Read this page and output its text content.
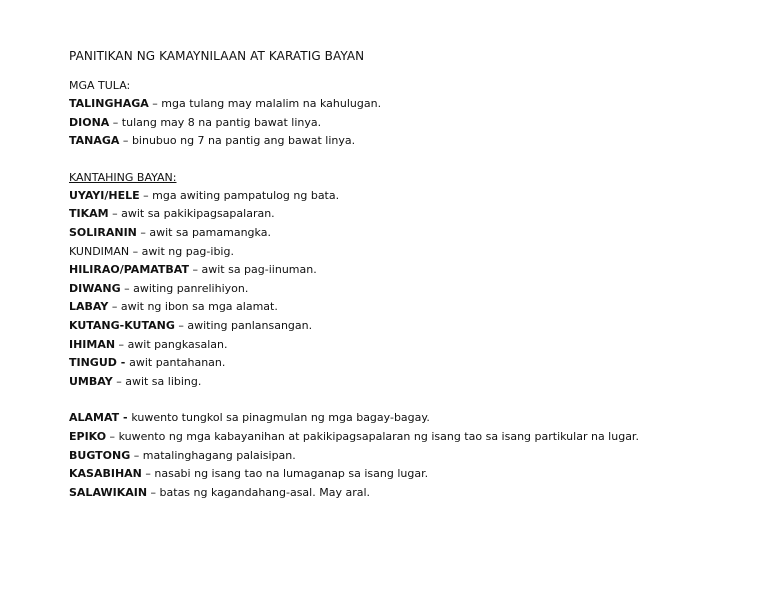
PANITIKAN NG KAMAYNILAAN AT KARATIG BAYAN
MGA TULA:
TALINGHAGA – mga tulang may malalim na kahulugan.
DIONA – tulang may 8 na pantig bawat linya.
TANAGA – binubuo ng 7 na pantig ang bawat linya.
KANTAHING BAYAN:
UYAYI/HELE – mga awiting pampatulog ng bata.
TIKAM – awit sa pakikipagsapalaran.
SOLIRANIN – awit sa pamamangka.
KUNDIMAN – awit ng pag-ibig.
HILIRAO/PAMATBAT – awit sa pag-iinuman.
DIWANG – awiting panrelihiyon.
LABAY – awit ng ibon sa mga alamat.
KUTANG-KUTANG – awiting panlansangan.
IHIMAN – awit pangkasalan.
TINGUD - awit pantahanan.
UMBAY – awit sa libing.
ALAMAT - kuwento tungkol sa pinagmulan ng mga bagay-bagay.
EPIKO – kuwento ng mga kabayanihan at pakikipagsapalaran ng isang tao sa isang partikular na lugar.
BUGTONG – matalinghagang palaisipan.
KASABIHAN – nasabi ng isang tao na lumaganap sa isang lugar.
SALAWIKAIN – batas ng kagandahang-asal. May aral.
